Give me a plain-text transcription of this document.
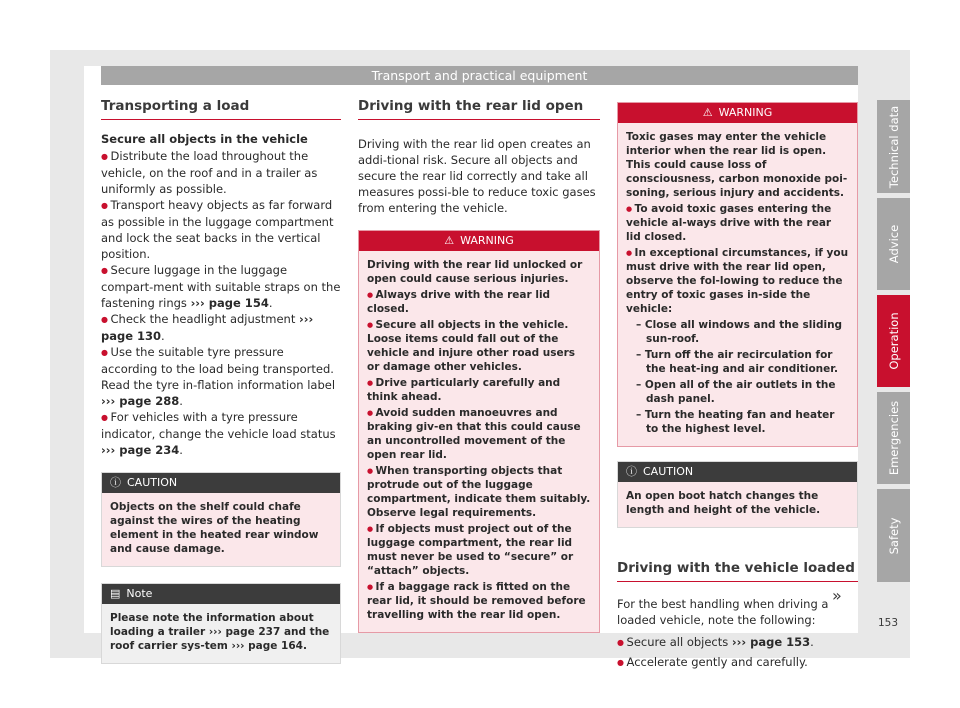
Transport and practical equipment
Transporting a load
Secure all objects in the vehicle

● Distribute the load throughout the vehicle, on the roof and in a trailer as uniformly as possible.

● Transport heavy objects as far forward as possible in the luggage compartment and lock the seat backs in the vertical position.

● Secure luggage in the luggage compart-ment with suitable straps on the fastening rings ››› page 154.

● Check the headlight adjustment ››› page 130.

● Use the suitable tyre pressure according to the load being transported. Read the tyre in-flation information label ››› page 288.

● For vehicles with a tyre pressure indicator, change the vehicle load status ››› page 234.

ⓘ CAUTION

Objects on the shelf could chafe against the wires of the heating element in the heated rear window and cause damage.

▤ Note

Please note the information about loading a trailer ››› page 237 and the roof carrier sys-tem ››› page 164.

Driving with the rear lid open

Driving with the rear lid open creates an addi-tional risk. Secure all objects and secure the rear lid correctly and take all measures possi-ble to reduce toxic gases from entering the vehicle.

⚠ WARNING

Driving with the rear lid unlocked or open could cause serious injuries.

● Always drive with the rear lid closed.

● Secure all objects in the vehicle. Loose items could fall out of the vehicle and injure other road users or damage other vehicles.

● Drive particularly carefully and think ahead.

● Avoid sudden manoeuvres and braking giv-en that this could cause an uncontrolled movement of the open rear lid.

● When transporting objects that protrude out of the luggage compartment, indicate them suitably. Observe legal requirements.

● If objects must project out of the luggage compartment, the rear lid must never be used to “secure” or “attach” objects.

● If a baggage rack is fitted on the rear lid, it should be removed before travelling with the rear lid open.

⚠ WARNING

Toxic gases may enter the vehicle interior when the rear lid is open. This could cause loss of consciousness, carbon monoxide poi-soning, serious injury and accidents.

● To avoid toxic gases entering the vehicle al-ways drive with the rear lid closed.

● In exceptional circumstances, if you must drive with the rear lid open, observe the fol-lowing to reduce the entry of toxic gases in-side the vehicle:

– Close all windows and the sliding sun-roof.

– Turn off the air recirculation for the heat-ing and air conditioner.

– Open all of the air outlets in the dash panel.

– Turn the heating fan and heater to the highest level.

ⓘ CAUTION

An open boot hatch changes the length and height of the vehicle.

Driving with the vehicle loaded

For the best handling when driving a loaded vehicle, note the following:

● Secure all objects ››› page 153.

● Accelerate gently and carefully.

Technical data
Advice
Operation
Emergencies
Safety
»
153
